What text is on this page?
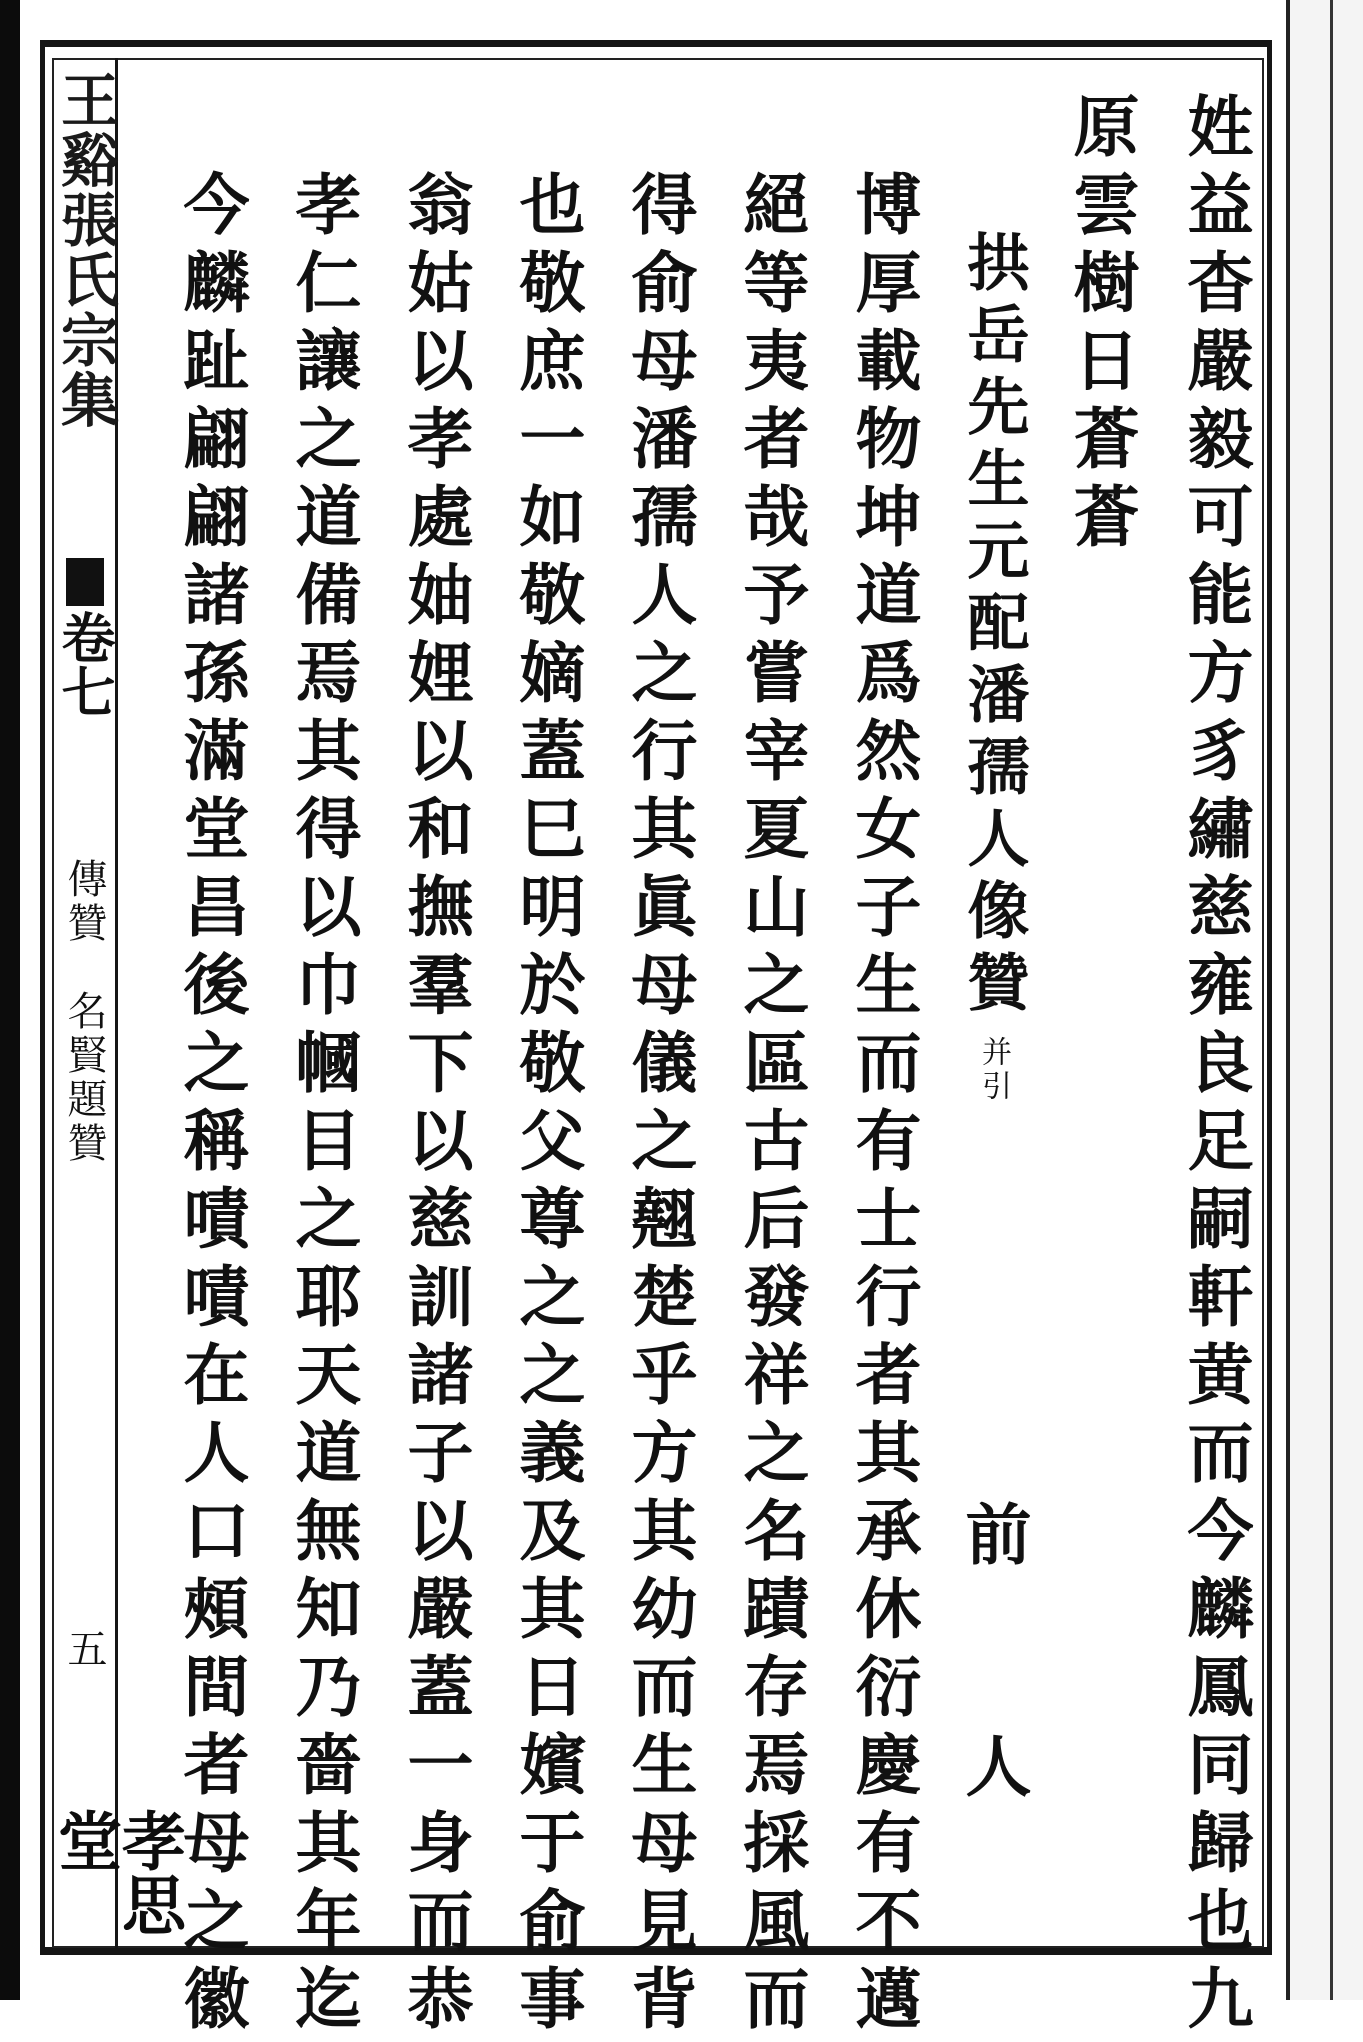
王谿張氏宗集
卷七
傳贊　名賢題贊
五
孝思堂	姓益杳嚴毅可能方豸繡慈雍良足嗣軒黄而今麟鳳同歸也九
原雲樹日蒼蒼
拱岳先生元配潘孺人像贊并引
前　人
博厚載物坤道爲然女子生而有士行者其承休衍慶有不邁
絕等夷者哉予嘗宰夏山之區古后發祥之名蹟存焉採風而
得俞母潘孺人之行其眞母儀之翹楚乎方其幼而生母見背
也敬庶一如敬嫡蓋巳明於敬父尊之之義及其日嬪于俞事
翁姑以孝處妯娌以和撫羣下以慈訓諸子以嚴蓋一身而恭
孝仁讓之道備焉其得以巾幗目之耶天道無知乃嗇其年迄
今麟趾翩翩諸孫滿堂昌後之稱嘖嘖在人口頰間者母之徽
